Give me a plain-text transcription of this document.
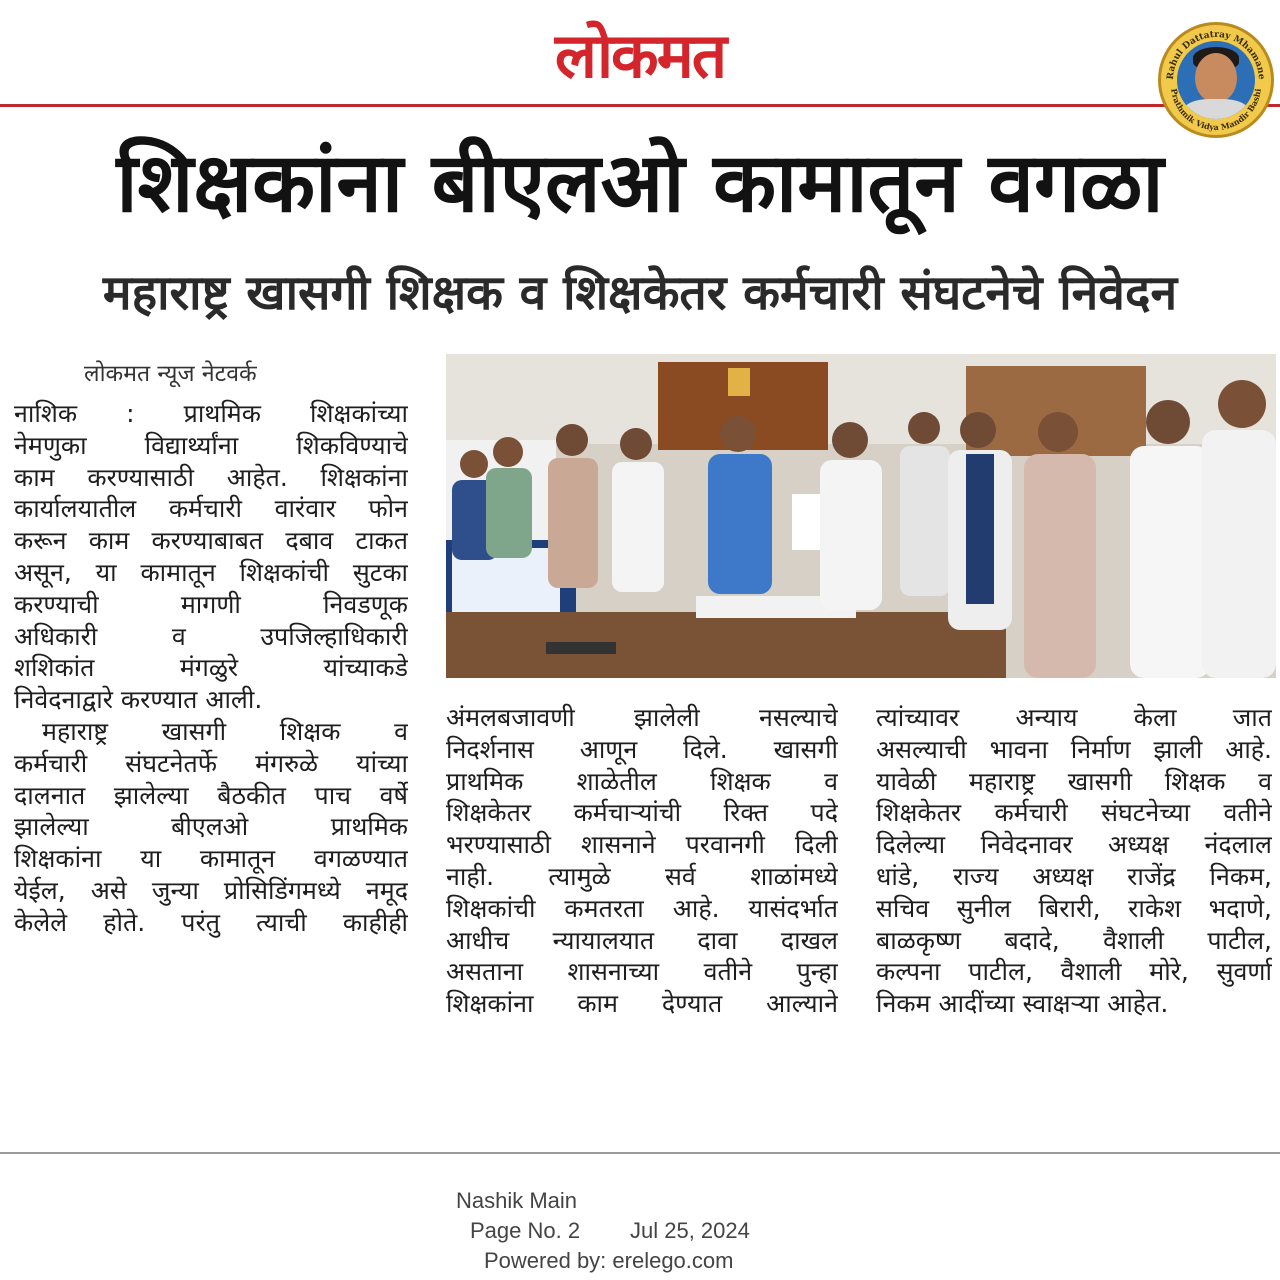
लोकमत	Rahul Dattatray Mhamane
Prathmik Vidya Mandir Bashi
शिक्षकांना बीएलओ कामातून वगळा
महाराष्ट्र खासगी शिक्षक व शिक्षकेतर कर्मचारी संघटनेचे निवेदन
लोकमत न्यूज नेटवर्क
नाशिक : प्राथमिक शिक्षकांच्या
नेमणुका विद्यार्थ्यांना शिकविण्याचे
काम करण्यासाठी आहेत. शिक्षकांना
कार्यालयातील कर्मचारी वारंवार फोन
करून काम करण्याबाबत दबाव टाकत
असून, या कामातून शिक्षकांची सुटका
करण्याची मागणी निवडणूक
अधिकारी व उपजिल्हाधिकारी
शशिकांत मंगळुरे यांच्याकडे
निवेदनाद्वारे करण्यात आली.
महाराष्ट्र खासगी शिक्षक व
कर्मचारी संघटनेतर्फे मंगरुळे यांच्या
दालनात झालेल्या बैठकीत पाच वर्षे
झालेल्या बीएलओ प्राथमिक
शिक्षकांना या कामातून वगळण्यात
येईल, असे जुन्या प्रोसिडिंगमध्ये नमूद
केलेले होते. परंतु त्याची काहीही
अंमलबजावणी झालेली नसल्याचे
निदर्शनास आणून दिले. खासगी
प्राथमिक शाळेतील शिक्षक व
शिक्षकेतर कर्मचाऱ्यांची रिक्त पदे
भरण्यासाठी शासनाने परवानगी दिली
नाही. त्यामुळे सर्व शाळांमध्ये
शिक्षकांची कमतरता आहे. यासंदर्भात
आधीच न्यायालयात दावा दाखल
असताना शासनाच्या वतीने पुन्हा
शिक्षकांना काम देण्यात आल्याने
त्यांच्यावर अन्याय केला जात
असल्याची भावना निर्माण झाली आहे.
यावेळी महाराष्ट्र खासगी शिक्षक व
शिक्षकेतर कर्मचारी संघटनेच्या वतीने
दिलेल्या निवेदनावर अध्यक्ष नंदलाल
धांडे, राज्य अध्यक्ष राजेंद्र निकम,
सचिव सुनील बिरारी, राकेश भदाणे,
बाळकृष्ण बदादे, वैशाली पाटील,
कल्पना पाटील, वैशाली मोरे, सुवर्णा
निकम आदींच्या स्वाक्षऱ्या आहेत.
Nashik Main
Page No. 2 Jul 25, 2024
Powered by: erelego.com
